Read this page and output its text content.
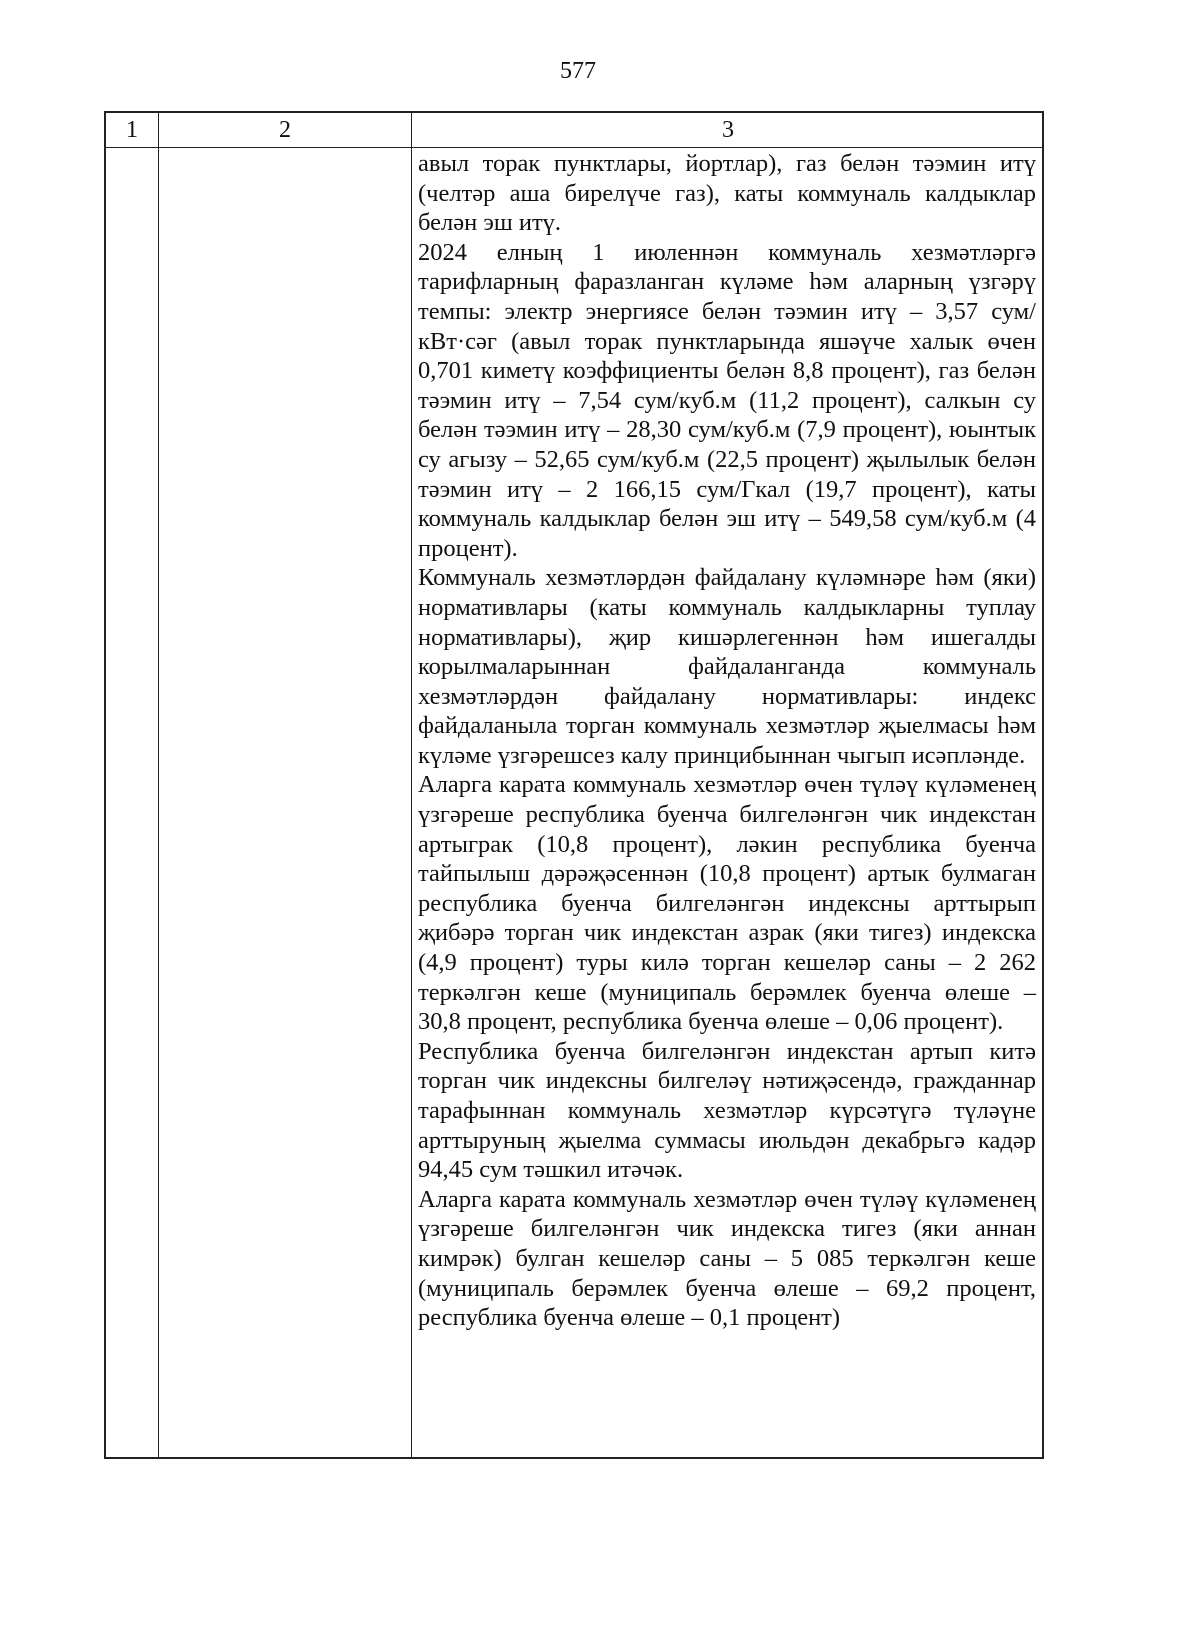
577
1	2	3

авыл торак пунктлары, йортлар), газ белән тәэмин итү (челтәр аша бирелүче газ), каты коммуналь калдыклар белән эш итү.

2024 елның 1 июленнән коммуналь хезмәтләргә тарифларның фаразланган күләме һәм аларның үзгәрү темпы: электр энергиясе белән тәэмин итү – 3,57 сум/кВт·сәг (авыл торак пунктларында яшәүче халык өчен 0,701 киметү коэффициенты белән 8,8 процент), газ белән тәэмин итү – 7,54 сум/куб.м (11,2 процент), салкын су белән тәэмин итү – 28,30 сум/куб.м (7,9 процент), юынтык су агызу – 52,65 сум/куб.м (22,5 процент) җылылык белән тәэмин итү – 2 166,15 сум/Гкал (19,7 процент), каты коммуналь калдыклар белән эш итү – 549,58 сум/куб.м (4 процент).

Коммуналь хезмәтләрдән файдалану күләмнәре һәм (яки) нормативлары (каты коммуналь калдыкларны туплау нормативлары), җир кишәрлегеннән һәм ишегалды корылмаларыннан файдаланганда коммуналь хезмәтләрдән файдалану нормативлары: индекс файдаланыла торган коммуналь хезмәтләр җыелмасы һәм күләме үзгәрешсез калу принцибыннан чыгып исәпләнде.

Аларга карата коммуналь хезмәтләр өчен түләү күләменең үзгәреше республика буенча билгеләнгән чик индекстан артыграк (10,8 процент), ләкин республика буенча тайпылыш дәрәҗәсеннән (10,8 процент) артык булмаган республика буенча билгеләнгән индексны арттырып җибәрә торган чик индекстан азрак (яки тигез) индекска (4,9 процент) туры килә торган кешеләр саны – 2 262 теркәлгән кеше (муниципаль берәмлек буенча өлеше – 30,8 процент, республика буенча өлеше – 0,06 процент).

Республика буенча билгеләнгән индекстан артып китә торган чик индексны билгеләү нәтиҗәсендә, гражданнар тарафыннан коммуналь хезмәтләр күрсәтүгә түләүне арттыруның җыелма суммасы июльдән декабрьгә кадәр 94,45 сум тәшкил итәчәк.

Аларга карата коммуналь хезмәтләр өчен түләү күләменең үзгәреше билгеләнгән чик индекска тигез (яки аннан кимрәк) булган кешеләр саны – 5 085 теркәлгән кеше (муниципаль берәмлек буенча өлеше – 69,2 процент, республика буенча өлеше – 0,1 процент)
